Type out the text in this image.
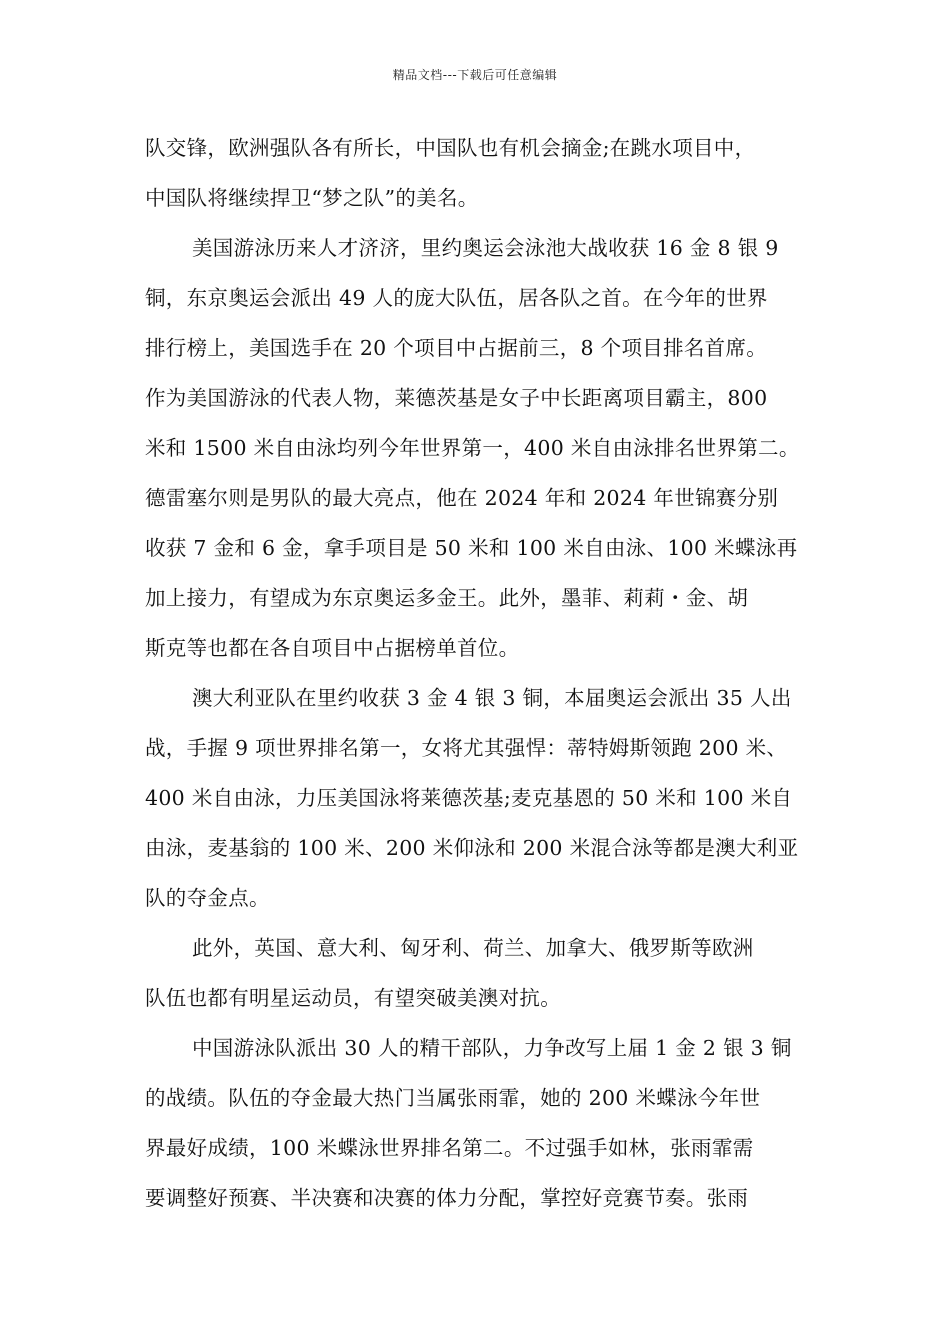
精品文档---下载后可任意编辑
队交锋，欧洲强队各有所长，中国队也有机会摘金;在跳水项目中，
中国队将继续捍卫“梦之队”的美名。
美国游泳历来人才济济，里约奥运会泳池大战收获 16 金 8 银 9
铜，东京奥运会派出 49 人的庞大队伍，居各队之首。在今年的世界
排行榜上，美国选手在 20 个项目中占据前三，8 个项目排名首席。
作为美国游泳的代表人物，莱德茨基是女子中长距离项目霸主，800
米和 1500 米自由泳均列今年世界第一，400 米自由泳排名世界第二。
德雷塞尔则是男队的最大亮点，他在 2024 年和 2024 年世锦赛分别
收获 7 金和 6 金，拿手项目是 50 米和 100 米自由泳、100 米蝶泳再
加上接力，有望成为东京奥运多金王。此外，墨菲、莉莉・金、胡
斯克等也都在各自项目中占据榜单首位。
澳大利亚队在里约收获 3 金 4 银 3 铜，本届奥运会派出 35 人出
战，手握 9 项世界排名第一，女将尤其强悍：蒂特姆斯领跑 200 米、
400 米自由泳，力压美国泳将莱德茨基;麦克基恩的 50 米和 100 米自
由泳，麦基翁的 100 米、200 米仰泳和 200 米混合泳等都是澳大利亚
队的夺金点。
此外，英国、意大利、匈牙利、荷兰、加拿大、俄罗斯等欧洲
队伍也都有明星运动员，有望突破美澳对抗。
中国游泳队派出 30 人的精干部队，力争改写上届 1 金 2 银 3 铜
的战绩。队伍的夺金最大热门当属张雨霏，她的 200 米蝶泳今年世
界最好成绩，100 米蝶泳世界排名第二。不过强手如林，张雨霏需
要调整好预赛、半决赛和决赛的体力分配，掌控好竞赛节奏。张雨
